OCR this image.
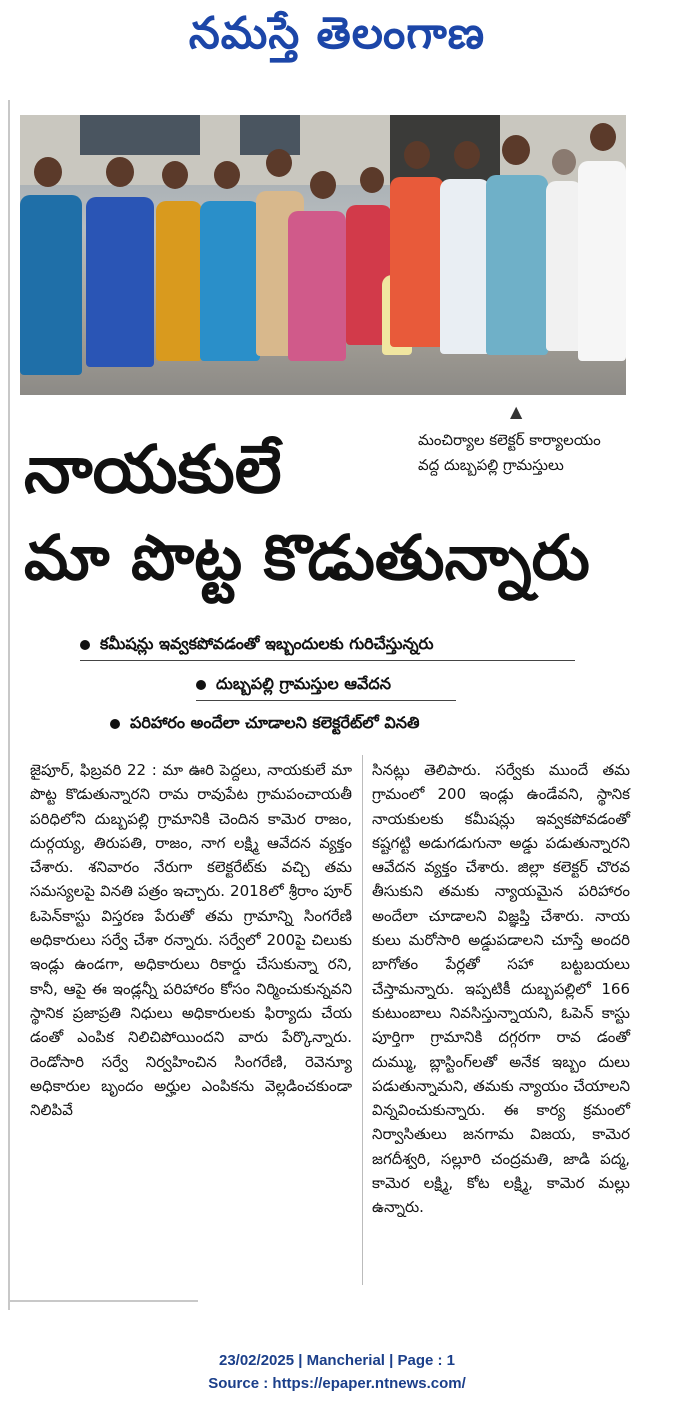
నమస్తే తెలంగాణ
▲
మంచిర్యాల కలెక్టర్ కార్యాలయం
వద్ద దుబ్బపల్లి గ్రామస్తులు
నాయకులే
మా పొట్ట కొడుతున్నారు
కమీషన్లు ఇవ్వకపోవడంతో ఇబ్బందులకు గురిచేస్తున్నరు
దుబ్బపల్లి గ్రామస్తుల ఆవేదన
పరిహారం అందేలా చూడాలని కలెక్టరేట్‌లో వినతి

జైపూర్, ఫిబ్రవరి 22 : మా ఊరి పెద్దలు, నాయకులే మా పొట్ట కొడుతున్నారని రామ రావుపేట గ్రామపంచాయతీ పరిధిలోని దుబ్బపల్లి గ్రామానికి చెందిన కామెర రాజం, దుర్గయ్య, తిరుపతి, రాజం, నాగ లక్ష్మి ఆవేదన వ్యక్తం చేశారు. శనివారం నేరుగా కలెక్టరేట్‌కు వచ్చి తమ సమస్యలపై వినతి పత్రం ఇచ్చారు. 2018లో శ్రీరాం పూర్ ఓపెన్‌కాస్టు విస్తరణ పేరుతో తమ గ్రామాన్ని సింగరేణి అధికారులు సర్వే చేశా రన్నారు. సర్వేలో 200పై చిలుకు ఇండ్లు ఉండగా, అధికారులు రికార్డు చేసుకున్నా రని, కానీ, ఆపై ఈ ఇండ్లన్నీ పరిహారం కోసం నిర్మించుకున్నవని స్థానిక ప్రజాప్రతి నిధులు అధికారులకు ఫిర్యాదు చేయ డంతో ఎంపిక నిలిచిపోయిందని వారు పేర్కొన్నారు. రెండోసారి సర్వే నిర్వహించిన సింగరేణి, రెవెన్యూ అధికారుల బృందం అర్హుల ఎంపికను వెల్లడించకుండా నిలిపివే

సినట్లు తెలిపారు. సర్వేకు ముందే తమ గ్రామంలో 200 ఇండ్లు ఉండేవని, స్థానిక నాయకులకు కమీషన్లు ఇవ్వకపోవడంతో కష్టగట్టి అడుగడుగునా అడ్డు పడుతున్నారని ఆవేదన వ్యక్తం చేశారు. జిల్లా కలెక్టర్ చొరవ తీసుకుని తమకు న్యాయమైన పరిహారం అందేలా చూడాలని విజ్ఞప్తి చేశారు. నాయ కులు మరోసారి అడ్డుపడాలని చూస్తే అందరి బాగోతం పేర్లతో సహా బట్టబయలు చేస్తామన్నారు. ఇప్పటికీ దుబ్బపల్లిలో 166 కుటుంబాలు నివసిస్తున్నాయని, ఓపెన్ కాస్టు పూర్తిగా గ్రామానికి దగ్గరగా రావ డంతో దుమ్ము, బ్లాస్టింగ్‌లతో అనేక ఇబ్బం దులు పడుతున్నామని, తమకు న్యాయం చేయాలని విన్నవించుకున్నారు. ఈ కార్య క్రమంలో నిర్వాసితులు జనగామ విజయ, కామెర జగదీశ్వరి, సల్లూరి చంద్రమతి, జాడి పద్మ, కామెర లక్ష్మి, కోట లక్ష్మి, కామెర మల్లు ఉన్నారు.

23/02/2025 | Mancherial | Page : 1
Source : https://epaper.ntnews.com/
